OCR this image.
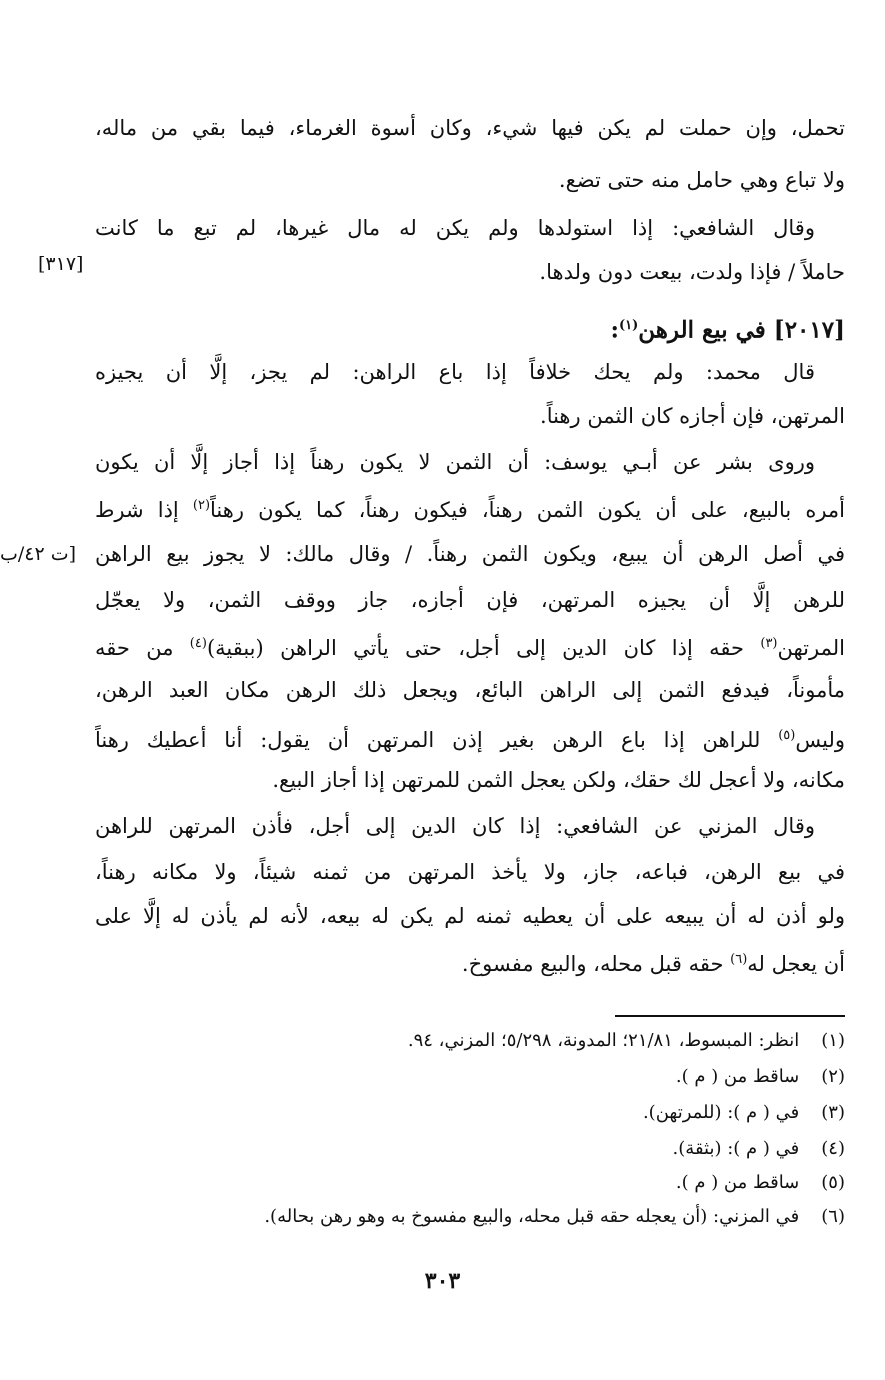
تحمل، وإن حملت لم يكن فيها شيء، وكان أسوة الغرماء، فيما بقي من ماله،
ولا تباع وهي حامل منه حتى تضع.
وقال الشافعي: إذا استولدها ولم يكن له مال غيرها، لم تبع ما كانت
حاملاً / فإذا ولدت، بيعت دون ولدها.
[٣١٧]
[٢٠١٧] في بيع الرهن$^{(١)}$:
قال محمد: ولم يحك خلافاً إذا باع الراهن: لم يجز، إلَّا أن يجيزه
المرتهن، فإن أجازه كان الثمن رهناً.
وروى بشر عن أبـي يوسف: أن الثمن لا يكون رهناً إذا أجاز إلَّا أن يكون
أمره بالبيع، على أن يكون الثمن رهناً، فيكون رهناً، كما يكون رهناً$^{(٢)}$ إذا شرط
في أصل الرهن أن يبيع، ويكون الثمن رهناً. / وقال مالك: لا يجوز بيع الراهن
[ت ٤٢/ب
للرهن إلَّا أن يجيزه المرتهن، فإن أجازه، جاز ووقف الثمن، ولا يعجّل
المرتهن$^{(٣)}$ حقه إذا كان الدين إلى أجل، حتى يأتي الراهن (ببقية)$^{(٤)}$ من حقه
مأموناً، فيدفع الثمن إلى الراهن البائع، ويجعل ذلك الرهن مكان العبد الرهن،
وليس$^{(٥)}$ للراهن إذا باع الرهن بغير إذن المرتهن أن يقول: أنا أعطيك رهناً
مكانه، ولا أعجل لك حقك، ولكن يعجل الثمن للمرتهن إذا أجاز البيع.
وقال المزني عن الشافعي: إذا كان الدين إلى أجل، فأذن المرتهن للراهن
في بيع الرهن، فباعه، جاز، ولا يأخذ المرتهن من ثمنه شيئاً، ولا مكانه رهناً،
ولو أذن له أن يبيعه على أن يعطيه ثمنه لم يكن له بيعه، لأنه لم يأذن له إلَّا على
أن يعجل له$^{(٦)}$ حقه قبل محله، والبيع مفسوخ.
(١) انظر: المبسوط، ٢١/٨١؛ المدونة، ٥/٢٩٨؛ المزني، ٩٤.
(٢) ساقط من ( م ).
(٣) في ( م ): (للمرتهن).
(٤) في ( م ): (بثقة).
(٥) ساقط من ( م ).
(٦) في المزني: (أن يعجله حقه قبل محله، والبيع مفسوخ به وهو رهن بحاله).
٣٠٣
